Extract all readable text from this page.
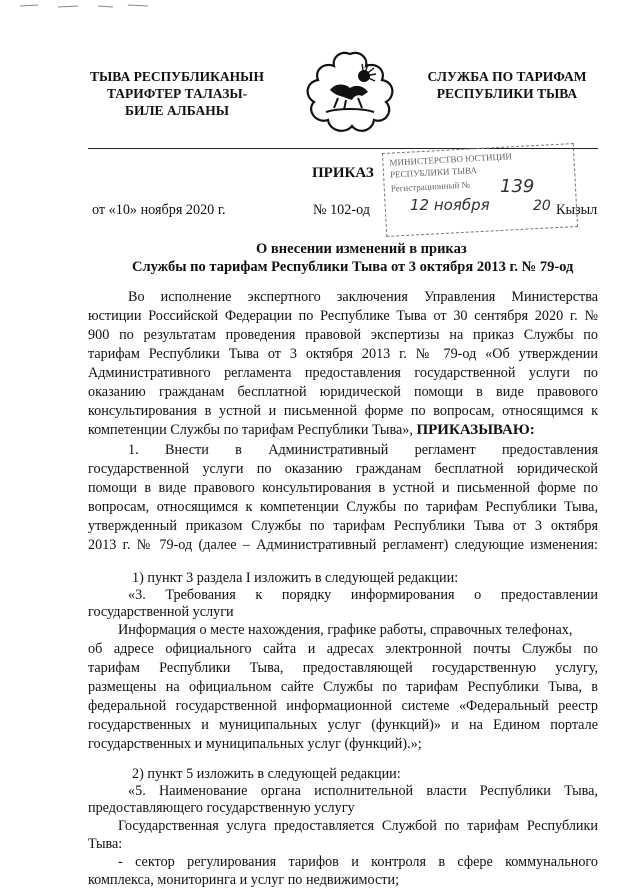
ТЫВА РЕСПУБЛИКАНЫН
ТАРИФТЕР ТАЛАЗЫ-
БИЛЕ АЛБАНЫ
СЛУЖБА ПО ТАРИФАМ
РЕСПУБЛИКИ ТЫВА
МИНИСТЕРСТВО ЮСТИЦИИ
РЕСПУБЛИКИ ТЫВА
Регистрационный № 139
12 ноября	20
ПРИКАЗ
от «10» ноября 2020 г.	№ 102-од	Кызыл
О внесении изменений в приказ
Службы по тарифам Республики Тыва от 3 октября 2013 г. № 79-од
Во исполнение экспертного заключения Управления Министерства
юстиции Российской Федерации по Республике Тыва от 30 сентября 2020 г. №
900 по результатам проведения правовой экспертизы на приказ Службы по
тарифам Республики Тыва от 3 октября 2013 г. № 79-од «Об утверждении
Административного регламента предоставления государственной услуги по
оказанию гражданам бесплатной юридической помощи в виде правового
консультирования в устной и письменной форме по вопросам, относящимся к
компетенции Службы по тарифам Республики Тыва», ПРИКАЗЫВАЮ:
1. Внести в Административный регламент предоставления
государственной услуги по оказанию гражданам бесплатной юридической
помощи в виде правового консультирования в устной и письменной форме по
вопросам, относящимся к компетенции Службы по тарифам Республики Тыва,
утвержденный приказом Службы по тарифам Республики Тыва от 3 октября
2013 г. № 79-од (далее – Административный регламент) следующие изменения:
1) пункт 3 раздела I изложить в следующей редакции:
«3. Требования к порядку информирования о предоставлении
государственной услуги
Информация о месте нахождения, графике работы, справочных телефонах,
об адресе официального сайта и адресах электронной почты Службы по
тарифам Республики Тыва, предоставляющей государственную услугу,
размещены на официальном сайте Службы по тарифам Республики Тыва, в
федеральной государственной информационной системе «Федеральный реестр
государственных и муниципальных услуг (функций)» и на Едином портале
государственных и муниципальных услуг (функций).»;
2) пункт 5 изложить в следующей редакции:
«5. Наименование органа исполнительной власти Республики Тыва,
предоставляющего государственную услугу
Государственная услуга предоставляется Службой по тарифам Республики
Тыва:
- сектор регулирования тарифов и контроля в сфере коммунального
комплекса, мониторинга и услуг по недвижимости;
